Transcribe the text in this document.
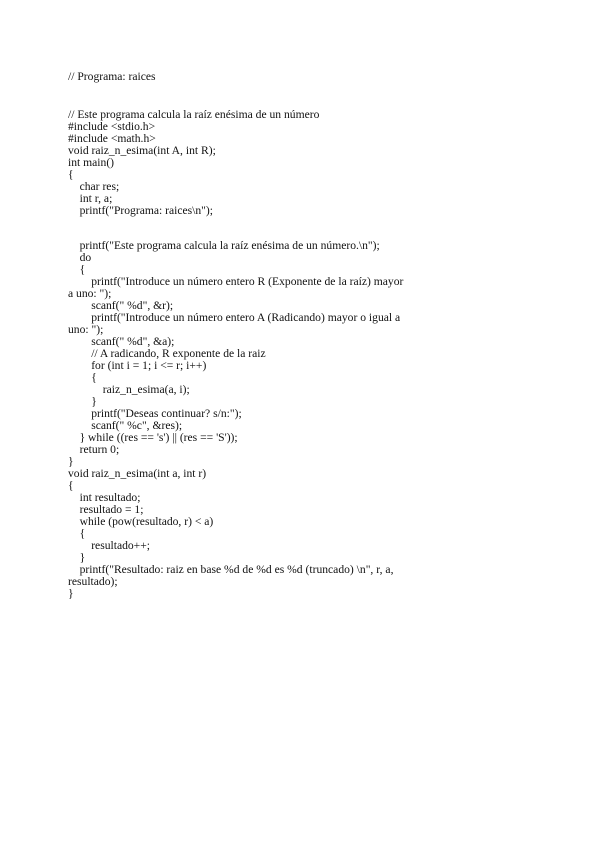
// Programa: raices
// Este programa calcula la raíz enésima de un número
#include <stdio.h>
#include <math.h>
void raiz_n_esima(int A, int R);
int main()
{
char res;
int r, a;
printf("Programa: raices\n");
printf("Este programa calcula la raíz enésima de un número.\n");
do
{
printf("Introduce un número entero R (Exponente de la raíz) mayor
a uno: ");
scanf(" %d", &r);
printf("Introduce un número entero A (Radicando) mayor o igual a
uno: ");
scanf(" %d", &a);
// A radicando, R exponente de la raiz
for (int i = 1; i <= r; i++)
{
raiz_n_esima(a, i);
}
printf("Deseas continuar? s/n:");
scanf(" %c", &res);
} while ((res == 's') || (res == 'S'));
return 0;
}
void raiz_n_esima(int a, int r)
{
int resultado;
resultado = 1;
while (pow(resultado, r) < a)
{
resultado++;
}
printf("Resultado: raiz en base %d de %d es %d (truncado) \n", r, a,
resultado);
}
